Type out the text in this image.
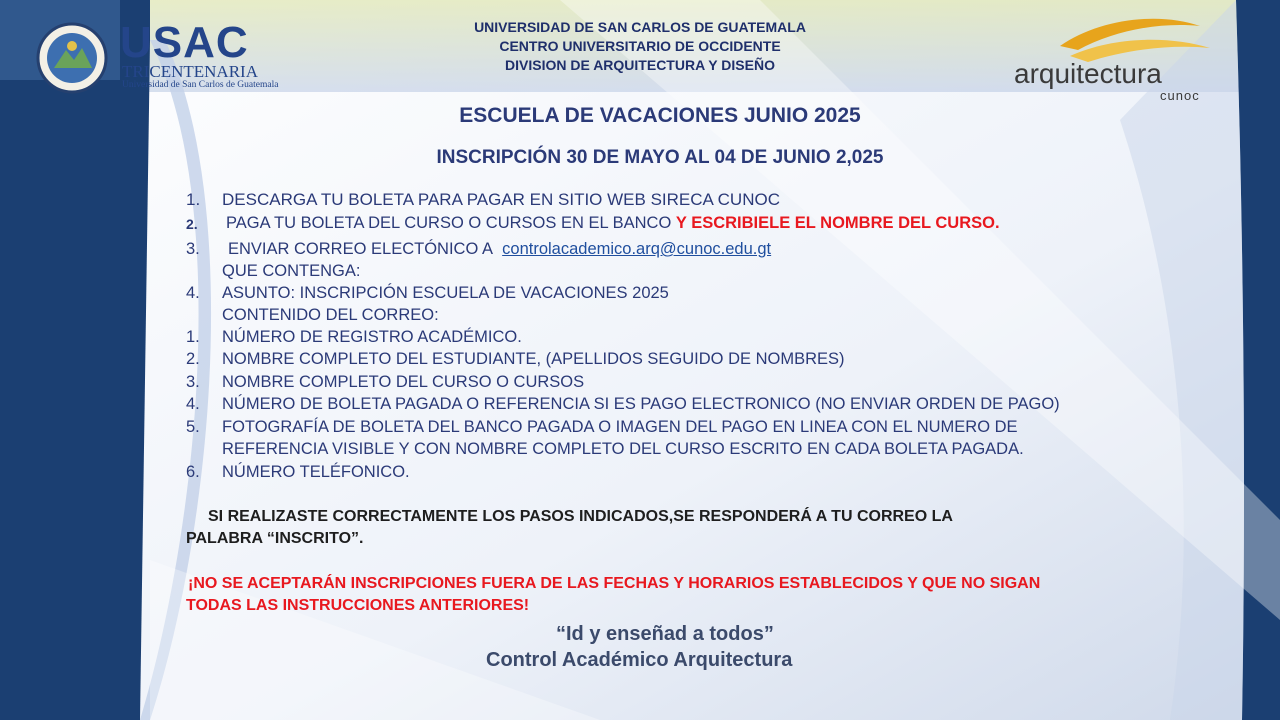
USAC
TRICENTENARIA
Universidad de San Carlos de Guatemala
UNIVERSIDAD DE SAN CARLOS DE GUATEMALA
CENTRO UNIVERSITARIO DE OCCIDENTE
DIVISION DE ARQUITECTURA Y DISEÑO	arquitectura
cunoc
ESCUELA DE VACACIONES JUNIO 2025
INSCRIPCIÓN 30 DE MAYO AL 04 DE JUNIO 2,025
1. DESCARGA TU BOLETA PARA PAGAR EN SITIO WEB SIRECA CUNOC
2. PAGA TU BOLETA DEL CURSO O CURSOS EN EL BANCO Y ESCRIBIELE EL NOMBRE DEL CURSO.
3. ENVIAR CORREO ELECTÓNICO A controlacademico.arq@cunoc.edu.gt
QUE CONTENGA:
4. ASUNTO: INSCRIPCIÓN ESCUELA DE VACACIONES 2025
CONTENIDO DEL CORREO:
1. NÚMERO DE REGISTRO ACADÉMICO.
2. NOMBRE COMPLETO DEL ESTUDIANTE, (APELLIDOS SEGUIDO DE NOMBRES)
3. NOMBRE COMPLETO DEL CURSO O CURSOS
4. NÚMERO DE BOLETA PAGADA O REFERENCIA SI ES PAGO ELECTRONICO (NO ENVIAR ORDEN DE PAGO)
5. FOTOGRAFÍA DE BOLETA DEL BANCO PAGADA O IMAGEN DEL PAGO EN LINEA CON EL NUMERO DE
REFERENCIA VISIBLE Y CON NOMBRE COMPLETO DEL CURSO ESCRITO EN CADA BOLETA PAGADA.
6. NÚMERO TELÉFONICO.
SI REALIZASTE CORRECTAMENTE LOS PASOS INDICADOS,SE RESPONDERÁ A TU CORREO LA
PALABRA “INSCRITO”.
¡NO SE ACEPTARÁN INSCRIPCIONES FUERA DE LAS FECHAS Y HORARIOS ESTABLECIDOS Y QUE NO SIGAN
TODAS LAS INSTRUCCIONES ANTERIORES!
“Id y enseñad a todos”
Control Académico Arquitectura
